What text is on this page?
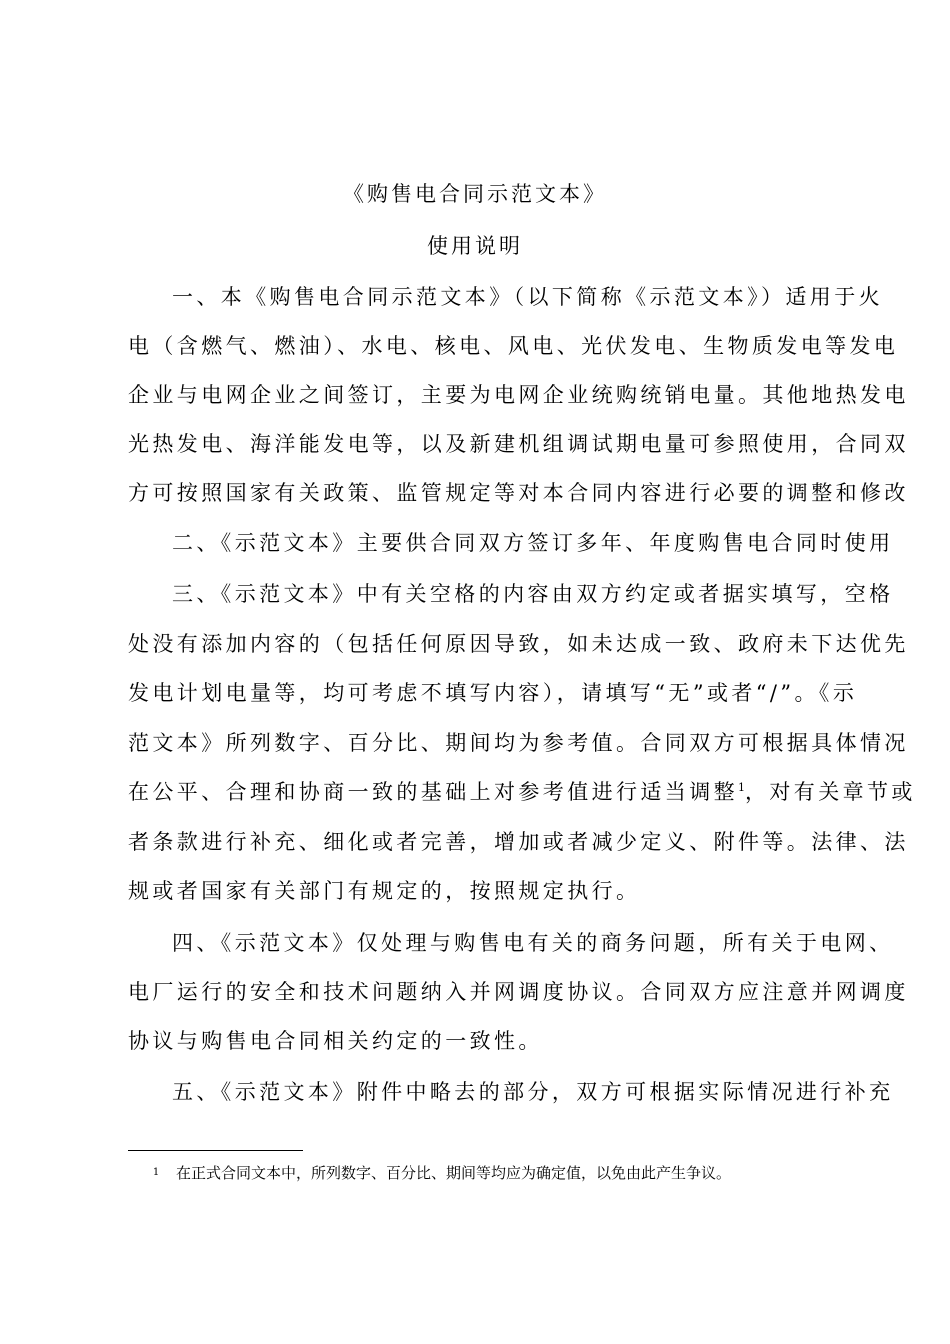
《购售电合同示范文本》
使用说明
一、本《购售电合同示范文本》（以下简称《示范文本》）适用于火
电（含燃气、燃油）、水电、核电、风电、光伏发电、生物质发电等发电
企业与电网企业之间签订，主要为电网企业统购统销电量。其他地热发电
光热发电、海洋能发电等，以及新建机组调试期电量可参照使用，合同双
方可按照国家有关政策、监管规定等对本合同内容进行必要的调整和修改
二、《示范文本》主要供合同双方签订多年、年度购售电合同时使用
三、《示范文本》中有关空格的内容由双方约定或者据实填写，空格
处没有添加内容的（包括任何原因导致，如未达成一致、政府未下达优先
发电计划电量等，均可考虑不填写内容），请填写“无”或者“/”。《示
范文本》所列数字、百分比、期间均为参考值。合同双方可根据具体情况
在公平、合理和协商一致的基础上对参考值进行适当调整$^1$，对有关章节或
者条款进行补充、细化或者完善，增加或者减少定义、附件等。法律、法
规或者国家有关部门有规定的，按照规定执行。
四、《示范文本》仅处理与购售电有关的商务问题，所有关于电网、
电厂运行的安全和技术问题纳入并网调度协议。合同双方应注意并网调度
协议与购售电合同相关约定的一致性。
五、《示范文本》附件中略去的部分，双方可根据实际情况进行补充
1 在正式合同文本中，所列数字、百分比、期间等均应为确定值，以免由此产生争议。
